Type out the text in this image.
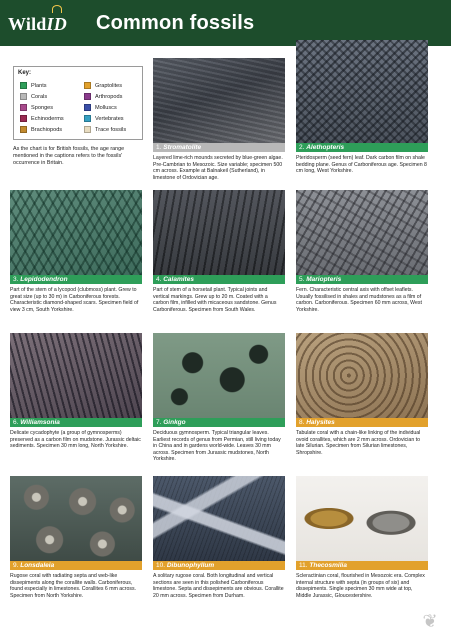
WildID Common fossils
Key:
Plants
Corals
Sponges
Echinoderms
Brachiopods
Graptolites
Arthropods
Molluscs
Vertebrates
Trace fossils
As the chart is for British fossils, the age range mentioned in the captions refers to the fossils' occurrence in Britain.
1. Stromatolite
Layered lime-rich mounds secreted by blue-green algae. Pre-Cambrian to Mesozoic. Size variable; specimen 500 cm across. Example at Balnakeil (Sutherland), in limestone of Ordovician age.
2. Alethopteris
Pteridosperm (seed fern) leaf. Dark carbon film on shale bedding plane. Genus of Carboniferous age. Specimen 8 cm long, West Yorkshire.
3. Lepidodendron
Part of the stem of a lycopod (clubmoss) plant. Grew to great size (up to 30 m) in Carboniferous forests. Characteristic diamond-shaped scars. Specimen field of view 3 cm, South Yorkshire.
4. Calamites
Part of stem of a horsetail plant. Typical joints and vertical markings. Grew up to 20 m. Coated with a carbon film, infilled with micaceous sandstone. Genus Carboniferous. Specimen from South Wales.
5. Mariopteris
Fern. Characteristic central axis with offset leaflets. Usually fossilised in shales and mudstones as a film of carbon. Carboniferous. Specimen 60 mm across, West Yorkshire.
6. Williamsonia
Delicate cycadophyte (a group of gymnosperms) preserved as a carbon film on mudstone. Jurassic deltaic sediments. Specimen 30 mm long, North Yorkshire.
7. Ginkgo
Deciduous gymnosperm. Typical triangular leaves. Earliest records of genus from Permian, still living today in China and in gardens world-wide. Leaves 30 mm across. Specimen from Jurassic mudstones, North Yorkshire.
8. Halysites
Tabulate coral with a chain-like linking of the individual ovoid corallites, which are 2 mm across. Ordovician to late Silurian. Specimen from Silurian limestones, Shropshire.
9. Lonsdaleia
Rugose coral with radiating septa and web-like dissepiments along the corallite walls. Carboniferous, found especially in limestones. Corallites 6 mm across. Specimen from North Yorkshire.
10. Dibunophyllum
A solitary rugose coral. Both longitudinal and vertical sections are seen in this polished Carboniferous limestone. Septa and dissepiments are obvious. Corallite 20 mm across. Specimen from Durham.
11. Thecosmilia
Scleractinian coral, flourished in Mesozoic era. Complex internal structure with septa (in groups of six) and dissepiments. Single specimen 30 mm wide at top, Middle Jurassic, Gloucestershire.
❦
